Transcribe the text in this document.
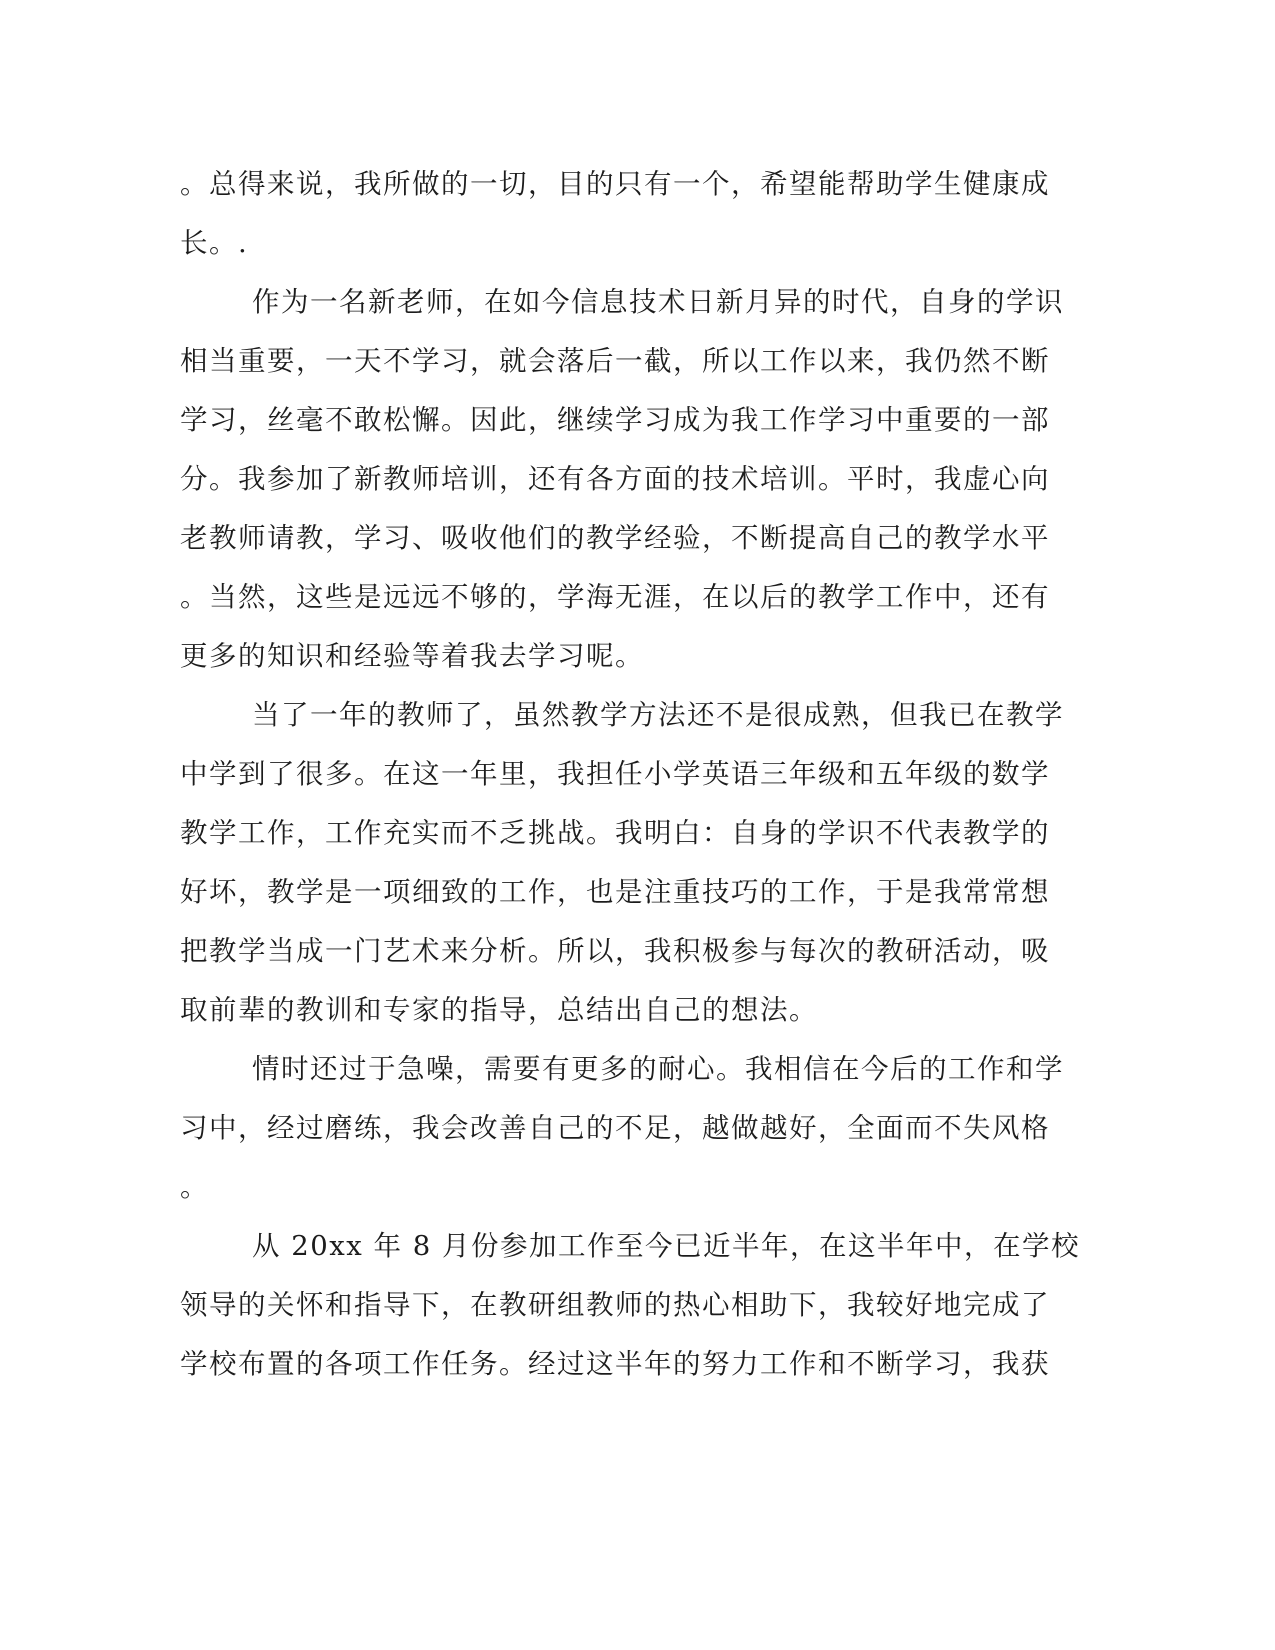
。总得来说，我所做的一切，目的只有一个，希望能帮助学生健康成
长。.
作为一名新老师，在如今信息技术日新月异的时代，自身的学识
相当重要，一天不学习，就会落后一截，所以工作以来，我仍然不断
学习，丝毫不敢松懈。因此，继续学习成为我工作学习中重要的一部
分。我参加了新教师培训，还有各方面的技术培训。平时，我虚心向
老教师请教，学习、吸收他们的教学经验，不断提高自己的教学水平
。当然，这些是远远不够的，学海无涯，在以后的教学工作中，还有
更多的知识和经验等着我去学习呢。
当了一年的教师了，虽然教学方法还不是很成熟，但我已在教学
中学到了很多。在这一年里，我担任小学英语三年级和五年级的数学
教学工作，工作充实而不乏挑战。我明白：自身的学识不代表教学的
好坏，教学是一项细致的工作，也是注重技巧的工作，于是我常常想
把教学当成一门艺术来分析。所以，我积极参与每次的教研活动，吸
取前辈的教训和专家的指导，总结出自己的想法。
情时还过于急噪，需要有更多的耐心。我相信在今后的工作和学
习中，经过磨练，我会改善自己的不足，越做越好，全面而不失风格
。
从 20xx 年 8 月份参加工作至今已近半年，在这半年中，在学校
领导的关怀和指导下，在教研组教师的热心相助下，我较好地完成了
学校布置的各项工作任务。经过这半年的努力工作和不断学习，我获
